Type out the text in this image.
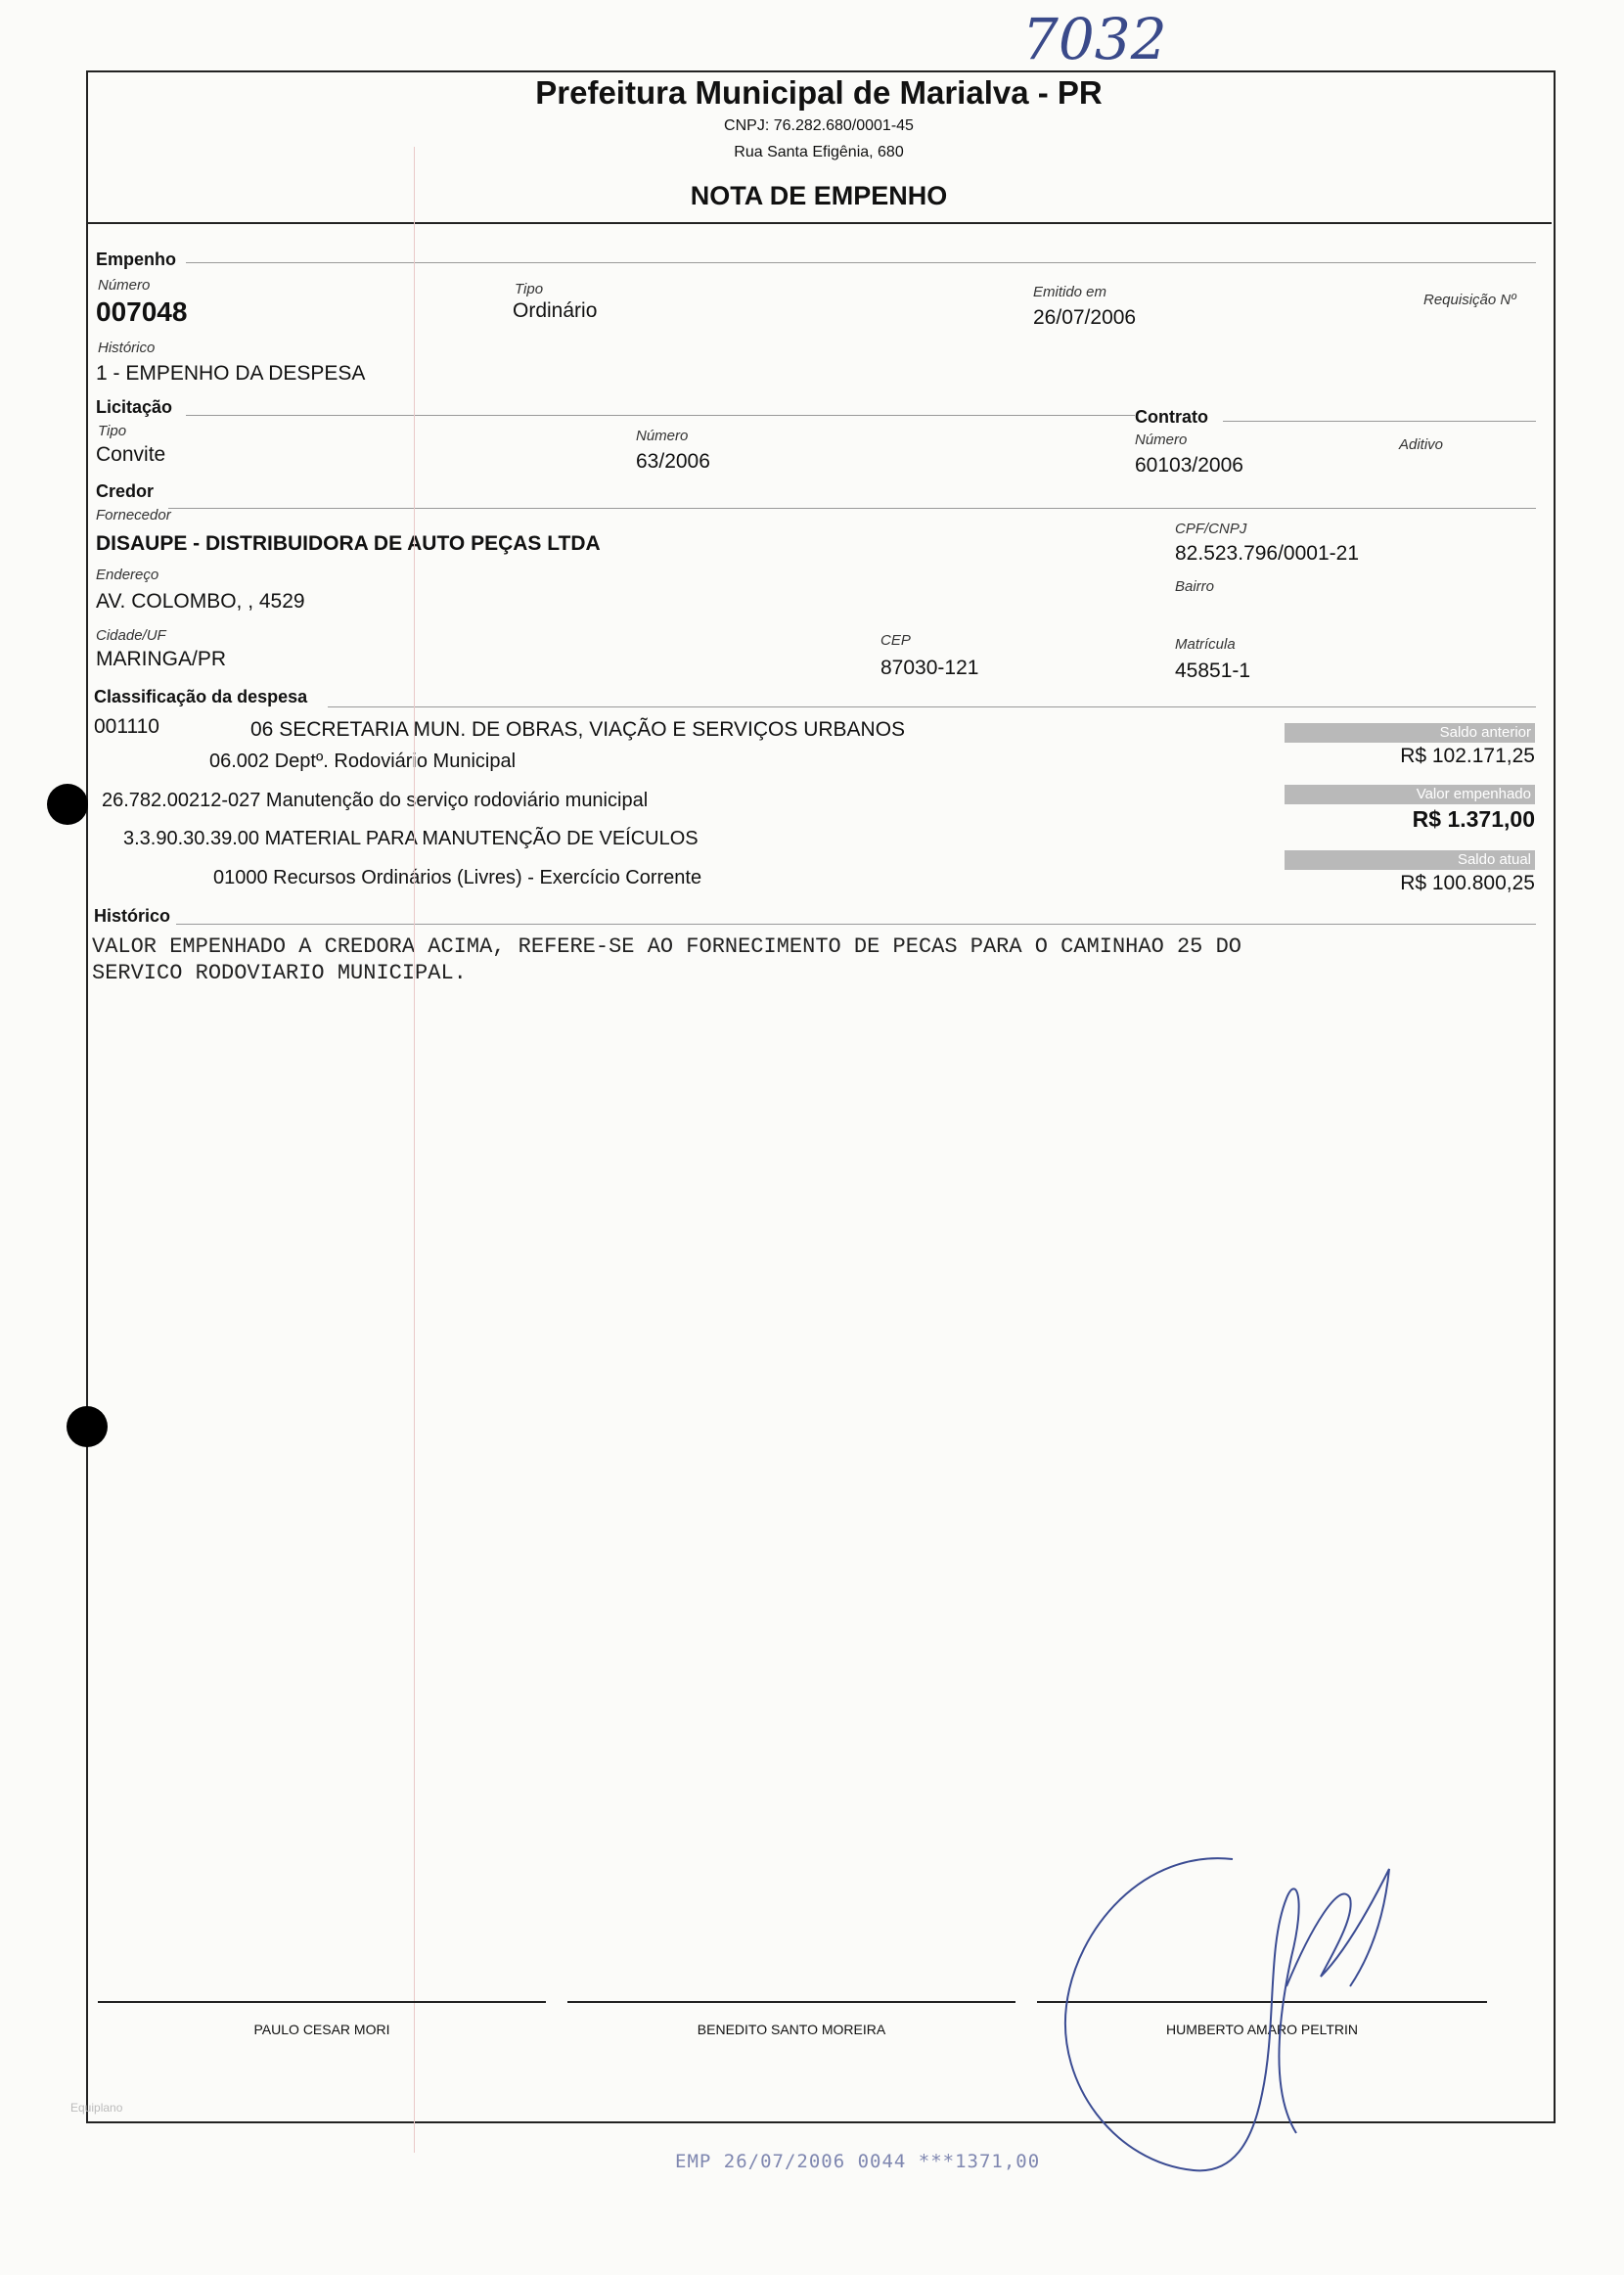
7032
Prefeitura Municipal de Marialva - PR
CNPJ: 76.282.680/0001-45
Rua Santa Efigênia, 680
NOTA DE EMPENHO
Empenho
Número
007048
Tipo
Ordinário
Emitido em
26/07/2006
Requisição Nº
Histórico
1 - EMPENHO DA DESPESA
Licitação	Contrato
Tipo
Convite
Número
63/2006
Número
60103/2006
Aditivo
Credor
Fornecedor
DISAUPE - DISTRIBUIDORA DE AUTO PEÇAS LTDA
CPF/CNPJ
82.523.796/0001-21
Endereço
AV. COLOMBO, , 4529
Bairro
Cidade/UF
MARINGA/PR
CEP
87030-121
Matrícula
45851-1
Classificação da despesa
001110	06 SECRETARIA MUN. DE OBRAS, VIAÇÃO E SERVIÇOS URBANOS
06.002 Deptº. Rodoviário Municipal
26.782.00212-027 Manutenção do serviço rodoviário municipal
3.3.90.30.39.00 MATERIAL PARA MANUTENÇÃO DE VEÍCULOS
01000 Recursos Ordinários (Livres) - Exercício Corrente
Saldo anterior
R$ 102.171,25
Valor empenhado
R$ 1.371,00
Saldo atual
R$ 100.800,25
Histórico
VALOR EMPENHADO A CREDORA ACIMA, REFERE-SE AO FORNECIMENTO DE PECAS PARA O CAMINHAO 25 DO
SERVICO RODOVIARIO MUNICIPAL.
PAULO CESAR MORI	BENEDITO SANTO MOREIRA	HUMBERTO AMARO PELTRIN
Equiplano
EMP 26/07/2006 0044 ***1371,00
